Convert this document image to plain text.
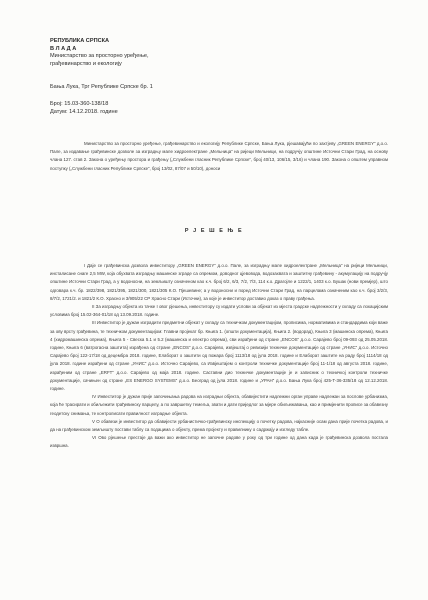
РЕПУБЛИКА СРПСКА
В Л А Д А
Министарство за просторно уређење,
грађевинарство и екологију
Бања Лука, Трг Републике Српске бр. 1
Број: 15.03-360-138/18
Датум: 14.12.2018. године
Министарство за просторно уређење, грађевинарство и екологију Републике Српске, Бања Лука, рјешавајући по захтјеву „GREEN ENERGY” д.о.о. Пале, за издавање грађевинске дозволе за изградњу мале хидроелектране „Мельница” на ријеци Мельници, на подручју општине Источни Стари Град, на основу члана 127. став 2. Закона о уређењу простора и грађењу („Службени гласник Републике Српске”, број 40/13, 106/15, 3/16) и члана 190. Закона о општем управном поступку („Службени гласник Републике Српске”, број 13/02, 87/07 и 50/10), доноси
Р Ј Е Ш Е Њ Е

I Даје се грађевинска дозвола инвеститору „GREEN ENERGY” д.о.о. Пале, за изградњу мале хидроелектране „Мельница” на ријеци Мельници, инсталисане снаге 2,5 MW, која обухвата изградњу машинске зграде са опремом, доводног цјевовода, водозахвата и заштитну грађевину - акумулацију на подручју општине Источни Стари Град, а у водоносни, на земљишту означеном као к.ч. број 6/2, 6/3, 7/2, 7/3, 114 к.о. Драгојле и 1222/1, 1403 к.о. Бушак (нови премјер), што одговара к.ч. бр. 1822/398, 1821/395, 1821/300, 1821/305 К.О. Пјешевине; а у водоносни и поред Источни Стари Град, на парцелама означеним као к.ч. број 3/2/3, 8/7/2, 1721/2. и 1821/2 К.О. Храсно и 3/905/22 СР Храсно Стари (Источни), за које је инвеститор доставио доказ о праву грађења.

II За изградњу објекта из тачке I овог рјешења, инвеститору су издати услови за објекат из мјеста градске надлежности у складу са локацијским условима број 15.02-364-01/18 од 13.09.2018. године.

III Инвеститор је дужан изградити предметни објекат у складу са техничком документацијом, прописима, нормативима и стандардима који важе за ову врсту грађевина, те техничком документацијом: Главни пројекат бр. Књига 1. (општи документација), Књига 2. (водорад), Књига 3 (машинска опрема), Књига 4 (хидромашинска опрема), Књига 5 - Свеска 5.1 и 5.2 (машинска и електро опрема), сви израђени од стране „ENCOS” д.о.о. Сарајево број 09-093 од 25.05.2018. године, Књига 6 (ватрогасна заштита) израђена од стране „ENCOS” д.о.о. Сарајево, извјештај о ревизији техничке документације од стране „УНИС” д.о.о. Источно Сарајево број 122-17/18 од децембра 2018. године, Елаборат о заштити од пожара број 1113/18 од јула 2018. године и Елаборат заштите на раду број 1114/18 од јула 2018. године израђени од стране „УНИС” д.о.о. Источно Сарајево, са Извјештајем о контроли техничке документације број 11-1/18 од августа 2018. године, израђеним од стране „ERFT” д.о.о. Сарајево од маја 2018. године. Саставни дио техничке документације је и записник о техничкој контроли техничке документације, сачињен од стране „ES ENERGO SYSTEMS” д.о.о. Београд од јула 2018. године и „УРАН” д.о.о. Бања Лука број 425-Т-36-335/18 од 12.12.2018. године.

IV Инвеститор је дужан прије започињања радова на изградњи објекта, обавијестити надлежни орган управе надлежан за послове урбанизма, која ће трасирати и обиљежити грађевинску парцелу, а по завршетку темеља, звати и дати приједлог за мјере обиљежавања, као и примјенити прописе за обавезну геодетску снимања, те контролисати правилност изградње објекта.

V О обавези је инвеститор да обавијести урбанистичко-грађевинску инспекцију о почетку радова, најкасније осам дана прије почетка радова, и да на грађевинском земљишту постави таблу са подацима о објекту, према пројекту и правилнику о садржају и изгледу табле.

VI Ово рјешење престаје да важи ако инвеститор не започне радове у року од три године од дана када је грађевинска дозвола постала извршна.
